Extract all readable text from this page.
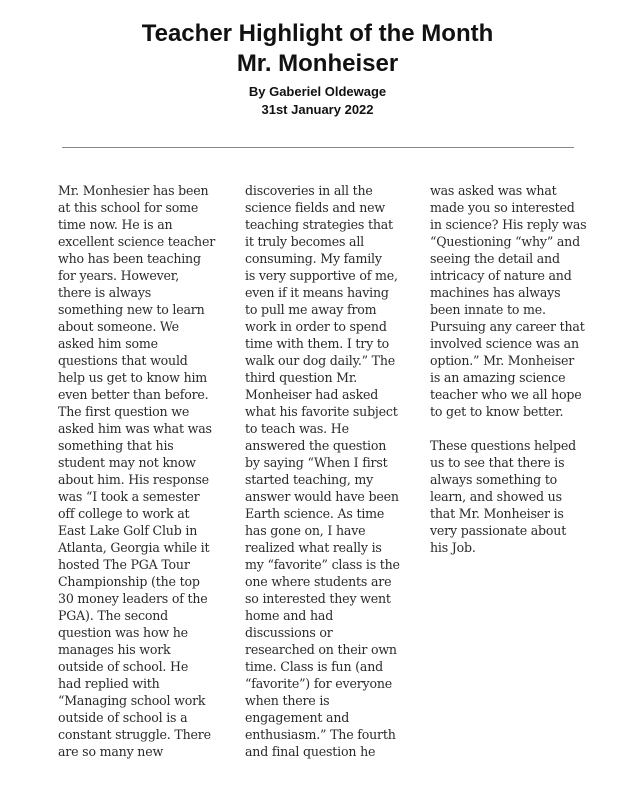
Teacher Highlight of the Month
Mr. Monheiser
By Gaberiel Oldewage
31st January 2022
Mr. Monhesier has been
at this school for some
time now. He is an
excellent science teacher
who has been teaching
for years. However,
there is always
something new to learn
about someone. We
asked him some
questions that would
help us get to know him
even better than before.
The first question we
asked him was what was
something that his
student may not know
about him. His response
was “I took a semester
off college to work at
East Lake Golf Club in
Atlanta, Georgia while it
hosted The PGA Tour
Championship (the top
30 money leaders of the
PGA). The second
question was how he
manages his work
outside of school. He
had replied with
“Managing school work
outside of school is a
constant struggle. There
are so many new
discoveries in all the
science fields and new
teaching strategies that
it truly becomes all
consuming. My family
is very supportive of me,
even if it means having
to pull me away from
work in order to spend
time with them. I try to
walk our dog daily.” The
third question Mr.
Monheiser had asked
what his favorite subject
to teach was. He
answered the question
by saying “When I first
started teaching, my
answer would have been
Earth science. As time
has gone on, I have
realized what really is
my “favorite” class is the
one where students are
so interested they went
home and had
discussions or
researched on their own
time. Class is fun (and
“favorite”) for everyone
when there is
engagement and
enthusiasm.” The fourth
and final question he
was asked was what
made you so interested
in science? His reply was
“Questioning “why” and
seeing the detail and
intricacy of nature and
machines has always
been innate to me.
Pursuing any career that
involved science was an
option.” Mr. Monheiser
is an amazing science
teacher who we all hope
to get to know better.
These questions helped
us to see that there is
always something to
learn, and showed us
that Mr. Monheiser is
very passionate about
his Job.
